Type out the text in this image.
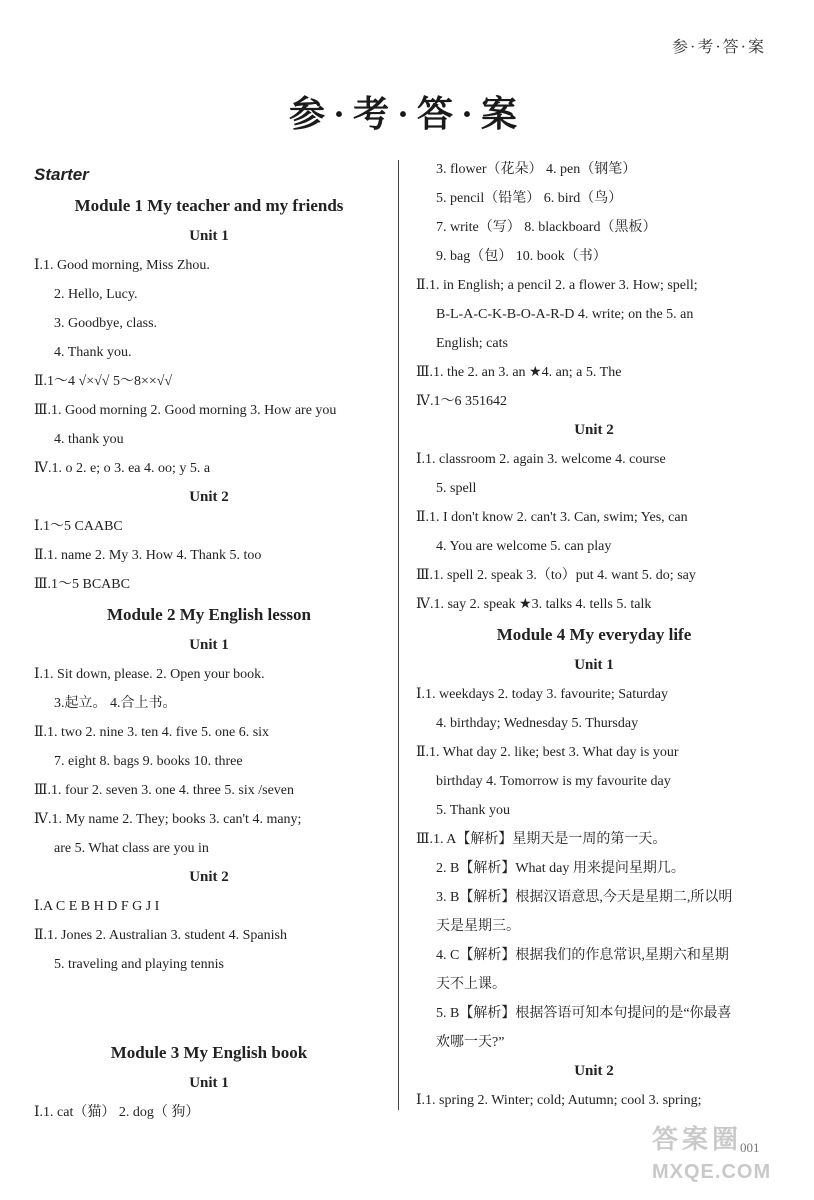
参·考·答·案
参·考·答·案
Starter
Module 1 My teacher and my friends
Unit 1
Ⅰ.1. Good morning, Miss Zhou.
2. Hello, Lucy.
3. Goodbye, class.
4. Thank you.
Ⅱ.1～4 √×√√ 5～8××√√
Ⅲ.1. Good morning 2. Good morning 3. How are you
4. thank you
Ⅳ.1. o 2. e; o 3. ea 4. oo; y 5. a
Unit 2
Ⅰ.1～5 CAABC
Ⅱ.1. name 2. My 3. How 4. Thank 5. too
Ⅲ.1～5 BCABC
Module 2 My English lesson
Unit 1
Ⅰ.1. Sit down, please. 2. Open your book.
3.起立。 4.合上书。
Ⅱ.1. two 2. nine 3. ten 4. five 5. one 6. six
7. eight 8. bags 9. books 10. three
Ⅲ.1. four 2. seven 3. one 4. three 5. six /seven
Ⅳ.1. My name 2. They; books 3. can't 4. many;
are 5. What class are you in
Unit 2
Ⅰ.A C E B H D F G J I
Ⅱ.1. Jones 2. Australian 3. student 4. Spanish
5. traveling and playing tennis
Module 3 My English book
Unit 1
Ⅰ.1. cat（猫） 2. dog（ 狗）
3. flower（花朵） 4. pen（钢笔）
5. pencil（铅笔） 6. bird（鸟）
7. write（写） 8. blackboard（黑板）
9. bag（包） 10. book（书）
Ⅱ.1. in English; a pencil 2. a flower 3. How; spell;
B-L-A-C-K-B-O-A-R-D 4. write; on the 5. an
English; cats
Ⅲ.1. the 2. an 3. an ★4. an; a 5. The
Ⅳ.1～6 351642
Unit 2
Ⅰ.1. classroom 2. again 3. welcome 4. course
5. spell
Ⅱ.1. I don't know 2. can't 3. Can, swim; Yes, can
4. You are welcome 5. can play
Ⅲ.1. spell 2. speak 3.（to）put 4. want 5. do; say
Ⅳ.1. say 2. speak ★3. talks 4. tells 5. talk
Module 4 My everyday life
Unit 1
Ⅰ.1. weekdays 2. today 3. favourite; Saturday
4. birthday; Wednesday 5. Thursday
Ⅱ.1. What day 2. like; best 3. What day is your
birthday 4. Tomorrow is my favourite day
5. Thank you
Ⅲ.1. A【解析】星期天是一周的第一天。
2. B【解析】What day 用来提问星期几。
3. B【解析】根据汉语意思,今天是星期二,所以明
天是星期三。
4. C【解析】根据我们的作息常识,星期六和星期
天不上课。
5. B【解析】根据答语可知本句提问的是“你最喜
欢哪一天?”
Unit 2
Ⅰ.1. spring 2. Winter; cold; Autumn; cool 3. spring;
001
答案圈
MXQE.COM
